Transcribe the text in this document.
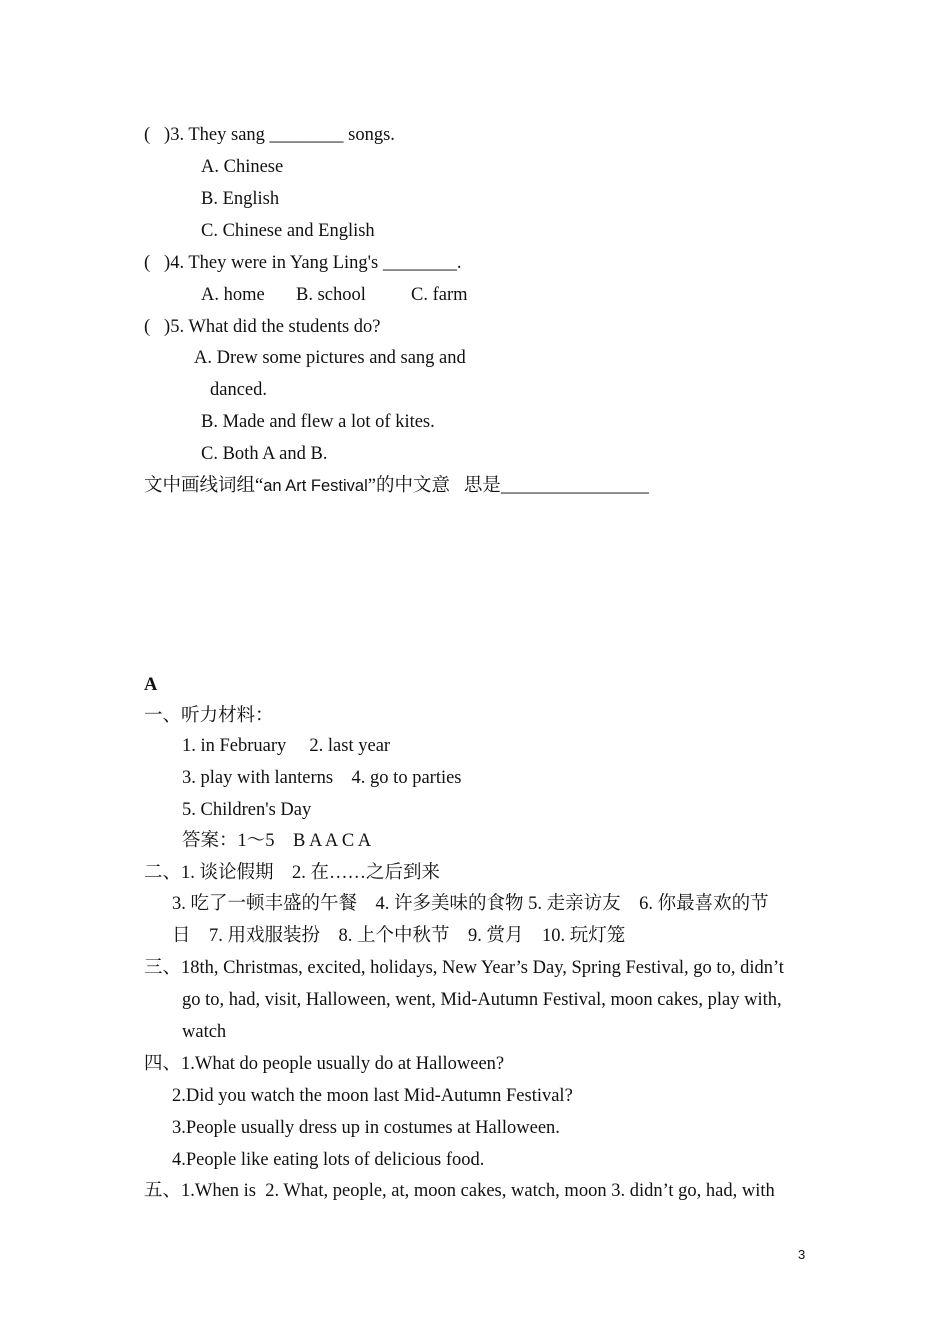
(   )3. They sang ________ songs.
A. Chinese
B. English
C. Chinese and English
(   )4. They were in Yang Ling's ________.
A. home B. school C. farm
(   )5. What did the students do?
A. Drew some pictures and sang and
danced.
B. Made and flew a lot of kites.
C. Both A and B.
文中画线词组“an Art Festival”的中文意   思是________________
A
一、听力材料：
1. in February     2. last year
3. play with lanterns    4. go to parties
5. Children's Day
答案：1～5    B A A C A
二、1. 谈论假期    2. 在……之后到来
3. 吃了一顿丰盛的午餐    4. 许多美味的食物 5. 走亲访友    6. 你最喜欢的节
日    7. 用戏服装扮    8. 上个中秋节    9. 赏月    10. 玩灯笼
三、18th, Christmas, excited, holidays, New Year’s Day, Spring Festival, go to, didn’t
go to, had, visit, Halloween, went, Mid-Autumn Festival, moon cakes, play with,
watch
四、1.What do people usually do at Halloween?
2.Did you watch the moon last Mid-Autumn Festival?
3.People usually dress up in costumes at Halloween.
4.People like eating lots of delicious food.
五、1.When is  2. What, people, at, moon cakes, watch, moon 3. didn’t go, had, with
3
